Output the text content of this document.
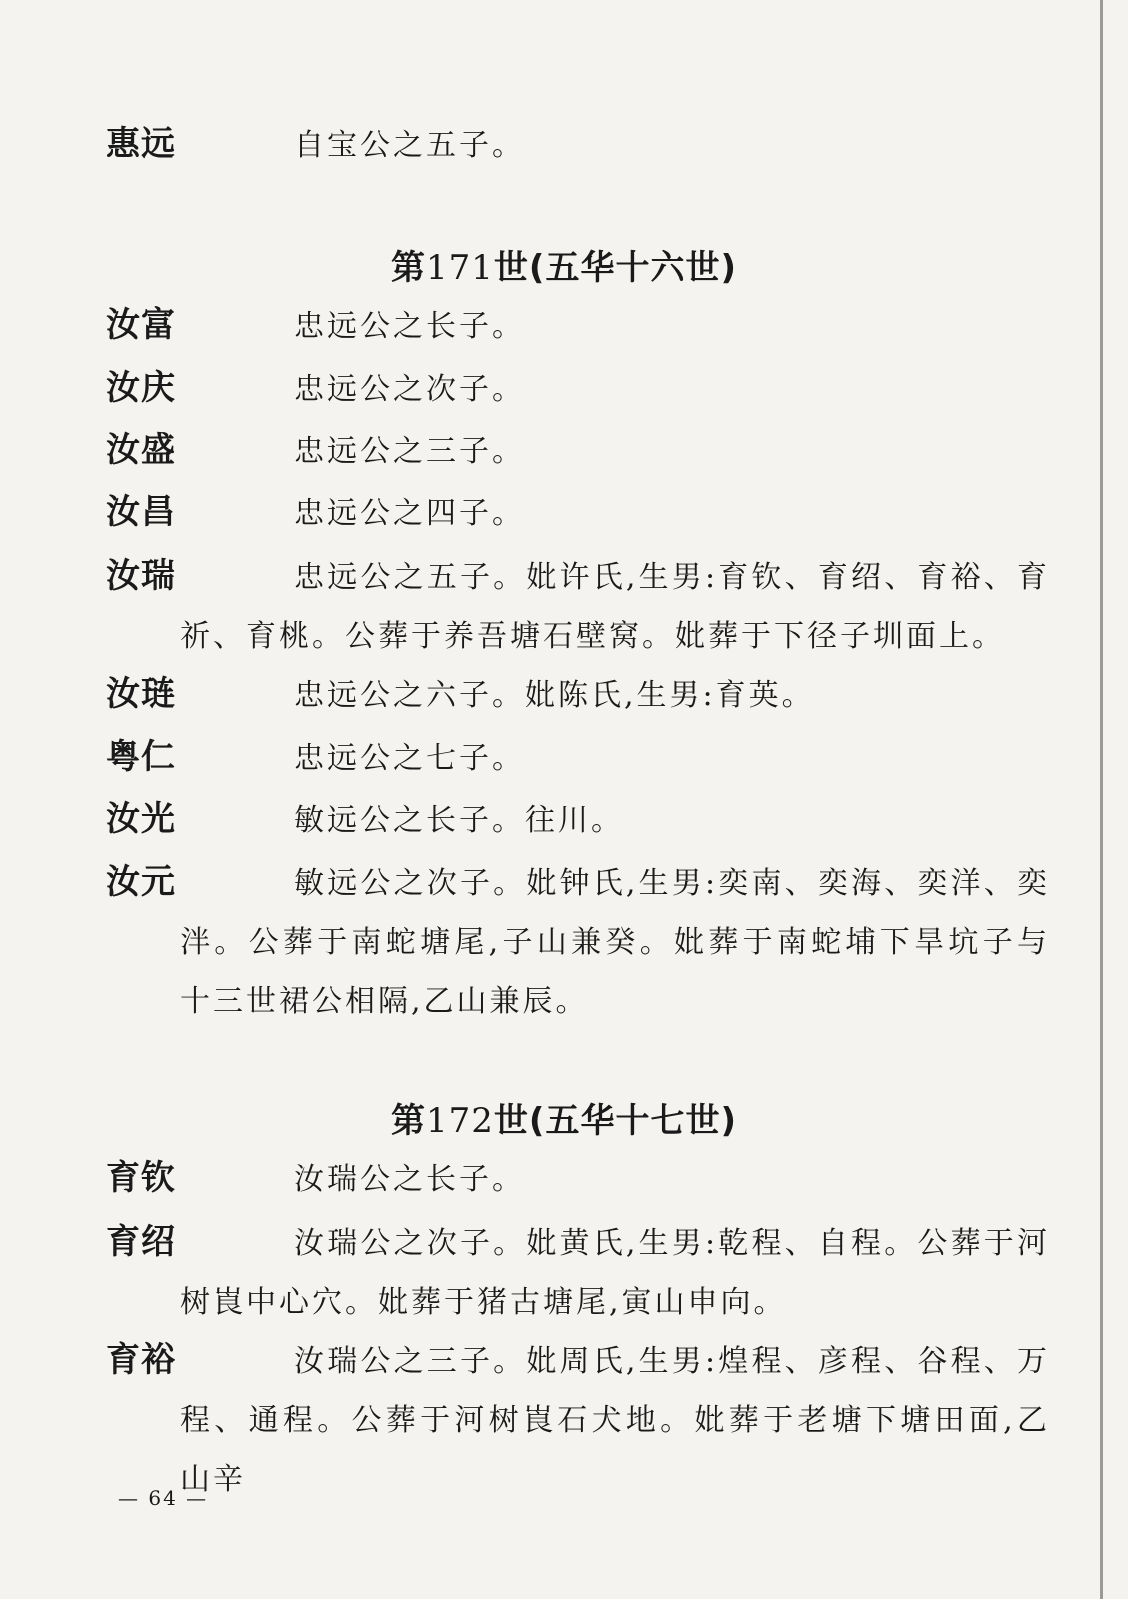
惠远	自宝公之五子。
第171世(五华十六世)
汝富	忠远公之长子。
汝庆	忠远公之次子。
汝盛	忠远公之三子。
汝昌	忠远公之四子。
汝瑞	忠远公之五子。妣许氏,生男:育钦、育绍、育裕、育祈、育桃。公葬于养吾塘石壁窝。妣葬于下径子圳面上。
汝琏	忠远公之六子。妣陈氏,生男:育英。
粤仁	忠远公之七子。
汝光	敏远公之长子。往川。
汝元	敏远公之次子。妣钟氏,生男:奕南、奕海、奕洋、奕泮。公葬于南蛇塘尾,子山兼癸。妣葬于南蛇埔下旱坑子与十三世裙公相隔,乙山兼辰。
第172世(五华十七世)
育钦	汝瑞公之长子。
育绍	汝瑞公之次子。妣黄氏,生男:乾程、自程。公葬于河树崀中心穴。妣葬于猪古塘尾,寅山申向。
育裕	汝瑞公之三子。妣周氏,生男:煌程、彦程、谷程、万程、通程。公葬于河树崀石犬地。妣葬于老塘下塘田面,乙山辛
— 64 —
